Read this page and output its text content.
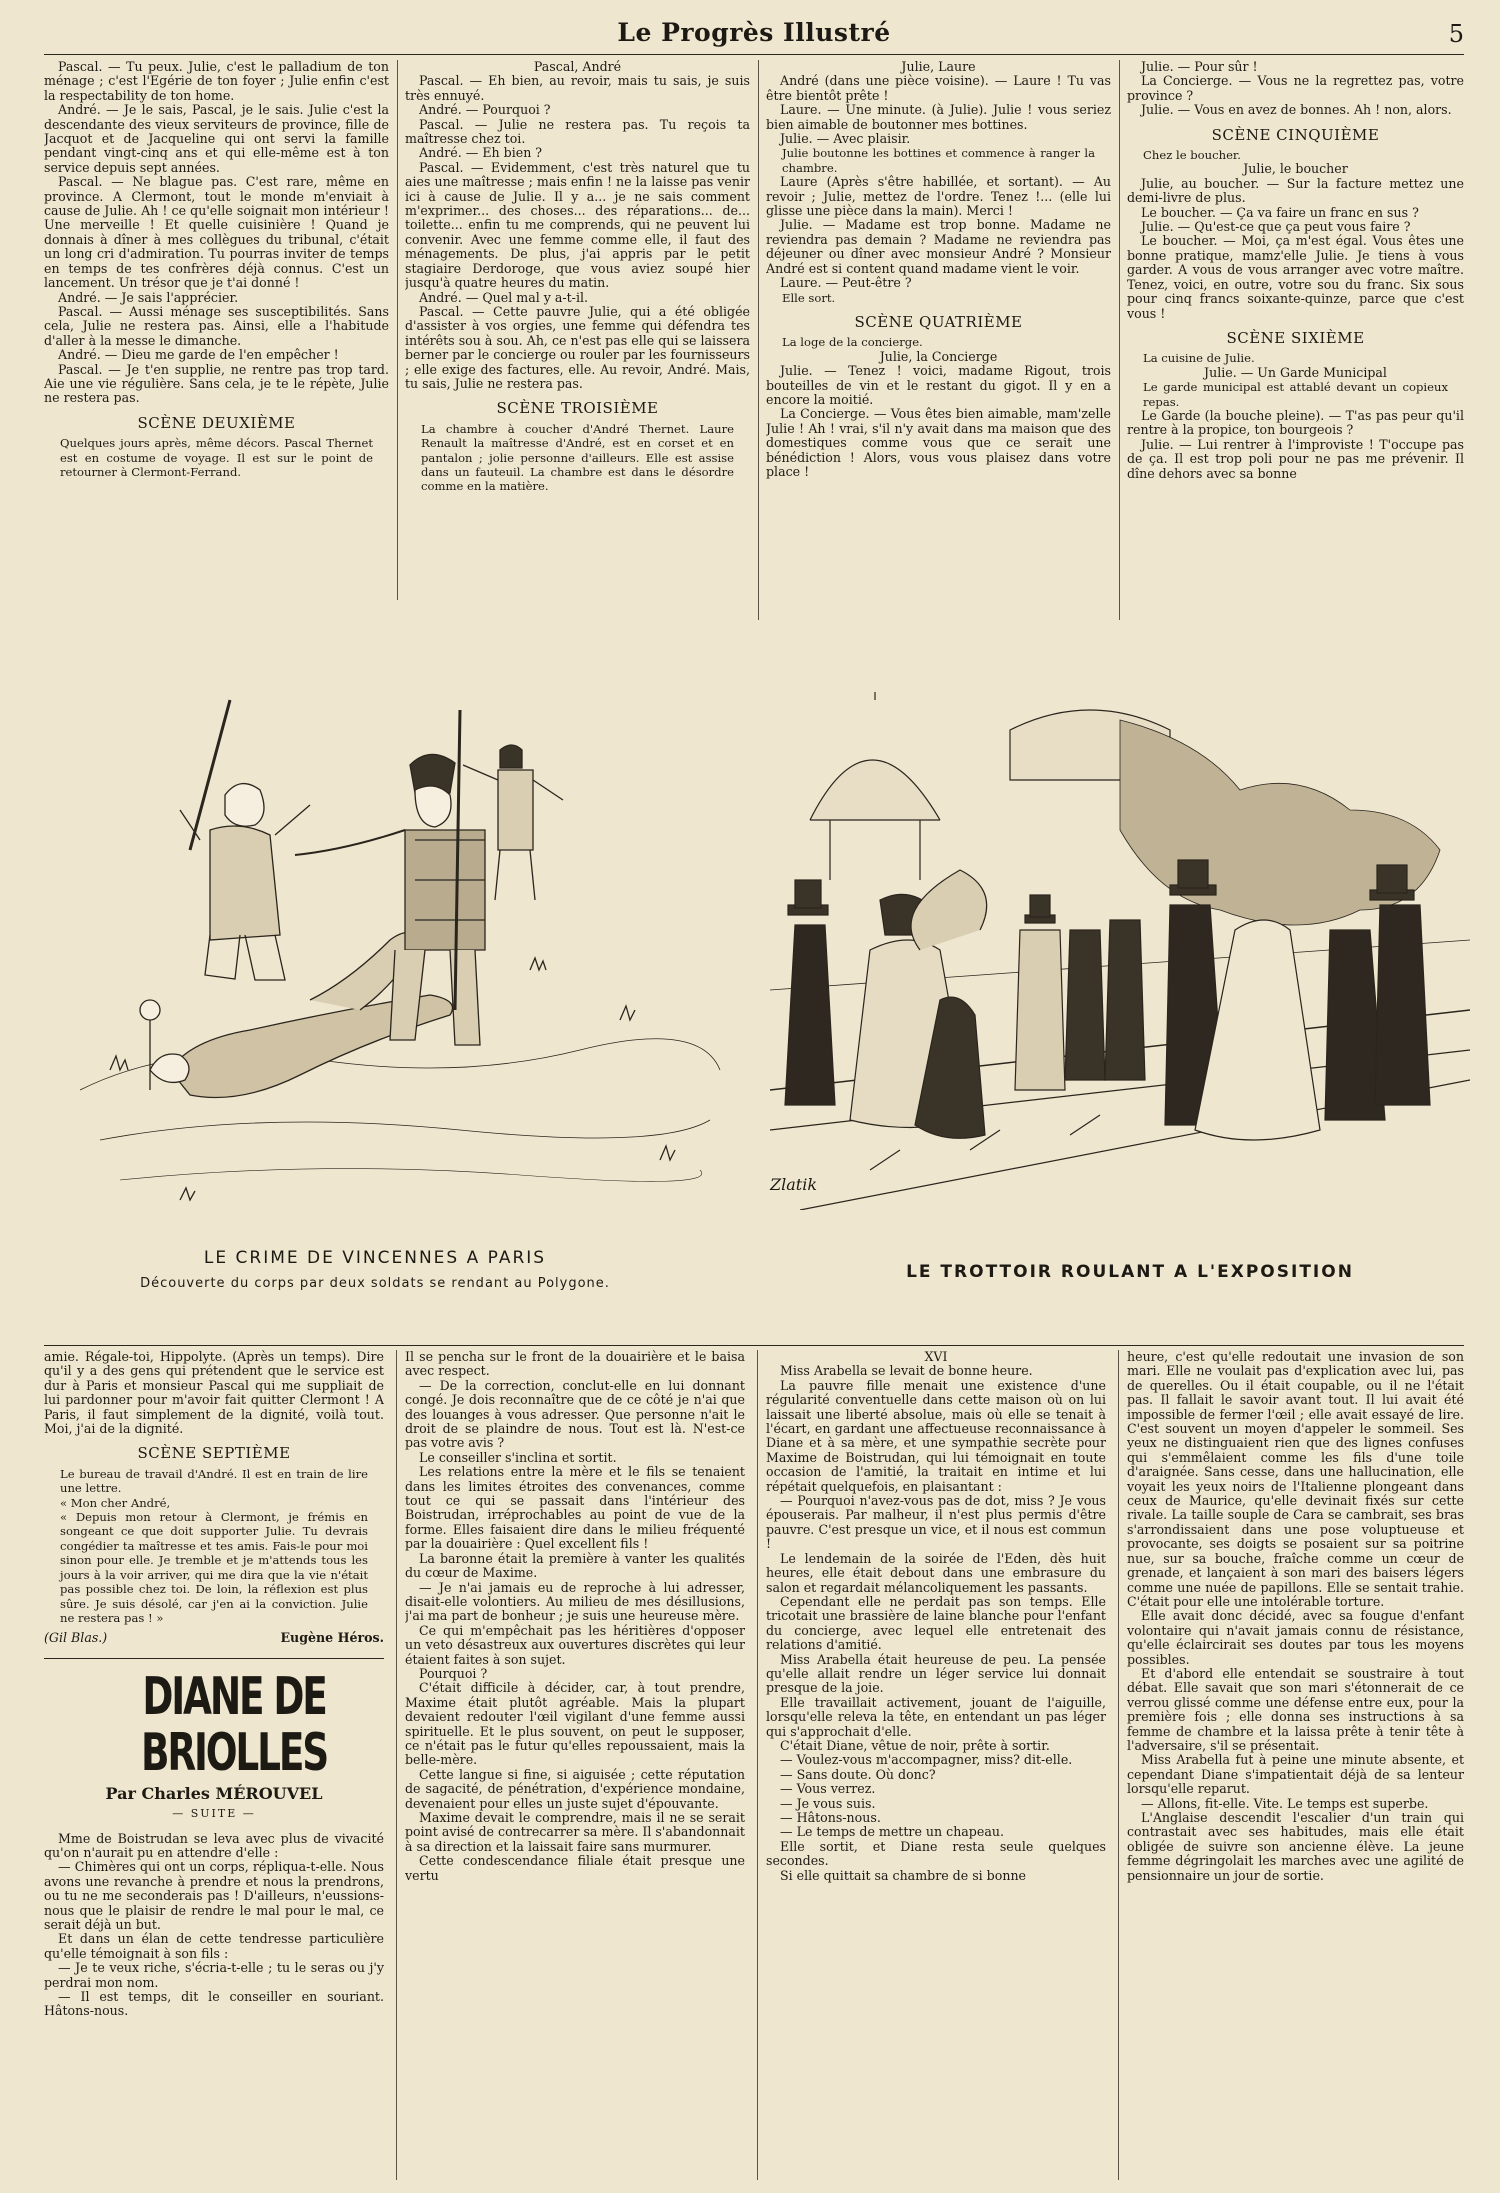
Le Progrès Illustré	5

Pascal. — Tu peux. Julie, c'est le palladium de ton ménage ; c'est l'Egérie de ton foyer ; Julie enfin c'est la respectability de ton home.

André. — Je le sais, Pascal, je le sais. Julie c'est la descendante des vieux serviteurs de province, fille de Jacquot et de Jacqueline qui ont servi la famille pendant vingt-cinq ans et qui elle-même est à ton service depuis sept années.

Pascal. — Ne blague pas. C'est rare, même en province. A Clermont, tout le monde m'enviait à cause de Julie. Ah ! ce qu'elle soignait mon intérieur ! Une merveille ! Et quelle cuisinière ! Quand je donnais à dîner à mes collègues du tribunal, c'était un long cri d'admiration. Tu pourras inviter de temps en temps de tes confrères déjà connus. C'est un lancement. Un trésor que je t'ai donné !

André. — Je sais l'apprécier.

Pascal. — Aussi ménage ses susceptibilités. Sans cela, Julie ne restera pas. Ainsi, elle a l'habitude d'aller à la messe le dimanche.

André. — Dieu me garde de l'en empêcher !

Pascal. — Je t'en supplie, ne rentre pas trop tard. Aie une vie régulière. Sans cela, je te le répète, Julie ne restera pas.

SCÈNE DEUXIÈME

Quelques jours après, même décors. Pascal Thernet est en costume de voyage. Il est sur le point de retourner à Clermont-Ferrand.

Pascal, André

Pascal. — Eh bien, au revoir, mais tu sais, je suis très ennuyé.

André. — Pourquoi ?

Pascal. — Julie ne restera pas. Tu reçois ta maîtresse chez toi.

André. — Eh bien ?

Pascal. — Evidemment, c'est très naturel que tu aies une maîtresse ; mais enfin ! ne la laisse pas venir ici à cause de Julie. Il y a... je ne sais comment m'exprimer... des choses... des réparations... de... toilette... enfin tu me comprends, qui ne peuvent lui convenir. Avec une femme comme elle, il faut des ménagements. De plus, j'ai appris par le petit stagiaire Derdoroge, que vous aviez soupé hier jusqu'à quatre heures du matin.

André. — Quel mal y a-t-il.

Pascal. — Cette pauvre Julie, qui a été obligée d'assister à vos orgies, une femme qui défendra tes intérêts sou à sou. Ah, ce n'est pas elle qui se laissera berner par le concierge ou rouler par les fournisseurs ; elle exige des factures, elle. Au revoir, André. Mais, tu sais, Julie ne restera pas.

SCÈNE TROISIÈME

La chambre à coucher d'André Thernet. Laure Renault la maîtresse d'André, est en corset et en pantalon ; jolie personne d'ailleurs. Elle est assise dans un fauteuil. La chambre est dans le désordre comme en la matière.

Julie, Laure

André (dans une pièce voisine). — Laure ! Tu vas être bientôt prête !

Laure. — Une minute. (à Julie). Julie ! vous seriez bien aimable de boutonner mes bottines.

Julie. — Avec plaisir.

Julie boutonne les bottines et commence à ranger la chambre.

Laure (Après s'être habillée, et sortant). — Au revoir ; Julie, mettez de l'ordre. Tenez !... (elle lui glisse une pièce dans la main). Merci !

Julie. — Madame est trop bonne. Madame ne reviendra pas demain ? Madame ne reviendra pas déjeuner ou dîner avec monsieur André ? Monsieur André est si content quand madame vient le voir.

Laure. — Peut-être ?

Elle sort.

SCÈNE QUATRIÈME

La loge de la concierge.

Julie, la Concierge

Julie. — Tenez ! voici, madame Rigout, trois bouteilles de vin et le restant du gigot. Il y en a encore la moitié.

La Concierge. — Vous êtes bien aimable, mam'zelle Julie ! Ah ! vrai, s'il n'y avait dans ma maison que des domestiques comme vous que ce serait une bénédiction ! Alors, vous vous plaisez dans votre place !

Julie. — Pour sûr !

La Concierge. — Vous ne la regrettez pas, votre province ?

Julie. — Vous en avez de bonnes. Ah ! non, alors.

SCÈNE CINQUIÈME

Chez le boucher.

Julie, le boucher

Julie, au boucher. — Sur la facture mettez une demi-livre de plus.

Le boucher. — Ça va faire un franc en sus ?

Julie. — Qu'est-ce que ça peut vous faire ?

Le boucher. — Moi, ça m'est égal. Vous êtes une bonne pratique, mamz'elle Julie. Je tiens à vous garder. A vous de vous arranger avec votre maître. Tenez, voici, en outre, votre sou du franc. Six sous pour cinq francs soixante-quinze, parce que c'est vous !

SCÈNE SIXIÈME

La cuisine de Julie.

Julie. — Un Garde Municipal

Le garde municipal est attablé devant un copieux repas.

Le Garde (la bouche pleine). — T'as pas peur qu'il rentre à la propice, ton bourgeois ?

Julie. — Lui rentrer à l'improviste ! T'occupe pas de ça. Il est trop poli pour ne pas me prévenir. Il dîne dehors avec sa bonne

Zlatik
LE CRIME DE VINCENNES A PARIS
Découverte du corps par deux soldats se rendant au Polygone.
LE TROTTOIR ROULANT A L'EXPOSITION

amie. Régale-toi, Hippolyte. (Après un temps). Dire qu'il y a des gens qui prétendent que le service est dur à Paris et monsieur Pascal qui me suppliait de lui pardonner pour m'avoir fait quitter Clermont ! A Paris, il faut simplement de la dignité, voilà tout. Moi, j'ai de la dignité.

SCÈNE SEPTIÈME

Le bureau de travail d'André. Il est en train de lire une lettre.

« Mon cher André,

« Depuis mon retour à Clermont, je frémis en songeant ce que doit supporter Julie. Tu devrais congédier ta maîtresse et tes amis. Fais-le pour moi sinon pour elle. Je tremble et je m'attends tous les jours à la voir arriver, qui me dira que la vie n'était pas possible chez toi. De loin, la réflexion est plus sûre. Je suis désolé, car j'en ai la conviction. Julie ne restera pas ! »

(Gil Blas.)	Eugène Héros.

DIANE DE BRIOLLES
Par Charles MÉROUVEL
— SUITE —

Mme de Boistrudan se leva avec plus de vivacité qu'on n'aurait pu en attendre d'elle :

— Chimères qui ont un corps, répliqua-t-elle. Nous avons une revanche à prendre et nous la prendrons, ou tu ne me seconderais pas ! D'ailleurs, n'eussions-nous que le plaisir de rendre le mal pour le mal, ce serait déjà un but.

Et dans un élan de cette tendresse particulière qu'elle témoignait à son fils :

— Je te veux riche, s'écria-t-elle ; tu le seras ou j'y perdrai mon nom.

— Il est temps, dit le conseiller en souriant. Hâtons-nous.

Il se pencha sur le front de la douairière et le baisa avec respect.

— De la correction, conclut-elle en lui donnant congé. Je dois reconnaître que de ce côté je n'ai que des louanges à vous adresser. Que personne n'ait le droit de se plaindre de nous. Tout est là. N'est-ce pas votre avis ?

Le conseiller s'inclina et sortit.

Les relations entre la mère et le fils se tenaient dans les limites étroites des convenances, comme tout ce qui se passait dans l'intérieur des Boistrudan, irréprochables au point de vue de la forme. Elles faisaient dire dans le milieu fréquenté par la douairière : Quel excellent fils !

La baronne était la première à vanter les qualités du cœur de Maxime.

— Je n'ai jamais eu de reproche à lui adresser, disait-elle volontiers. Au milieu de mes désillusions, j'ai ma part de bonheur ; je suis une heureuse mère.

Ce qui m'empêchait pas les héritières d'opposer un veto désastreux aux ouvertures discrètes qui leur étaient faites à son sujet.

Pourquoi ?

C'était difficile à décider, car, à tout prendre, Maxime était plutôt agréable. Mais la plupart devaient redouter l'œil vigilant d'une femme aussi spirituelle. Et le plus souvent, on peut le supposer, ce n'était pas le futur qu'elles repoussaient, mais la belle-mère.

Cette langue si fine, si aiguisée ; cette réputation de sagacité, de pénétration, d'expérience mondaine, devenaient pour elles un juste sujet d'épouvante.

Maxime devait le comprendre, mais il ne se serait point avisé de contrecarrer sa mère. Il s'abandonnait à sa direction et la laissait faire sans murmurer.

Cette condescendance filiale était presque une vertu

XVI

Miss Arabella se levait de bonne heure.

La pauvre fille menait une existence d'une régularité conventuelle dans cette maison où on lui laissait une liberté absolue, mais où elle se tenait à l'écart, en gardant une affectueuse reconnaissance à Diane et à sa mère, et une sympathie secrète pour Maxime de Boistrudan, qui lui témoignait en toute occasion de l'amitié, la traitait en intime et lui répétait quelquefois, en plaisantant :

— Pourquoi n'avez-vous pas de dot, miss ? Je vous épouserais. Par malheur, il n'est plus permis d'être pauvre. C'est presque un vice, et il nous est commun !

Le lendemain de la soirée de l'Eden, dès huit heures, elle était debout dans une embrasure du salon et regardait mélancoliquement les passants.

Cependant elle ne perdait pas son temps. Elle tricotait une brassière de laine blanche pour l'enfant du concierge, avec lequel elle entretenait des relations d'amitié.

Miss Arabella était heureuse de peu. La pensée qu'elle allait rendre un léger service lui donnait presque de la joie.

Elle travaillait activement, jouant de l'aiguille, lorsqu'elle releva la tête, en entendant un pas léger qui s'approchait d'elle.

C'était Diane, vêtue de noir, prête à sortir.

— Voulez-vous m'accompagner, miss? dit-elle.

— Sans doute. Où donc?

— Vous verrez.

— Je vous suis.

— Hâtons-nous.

— Le temps de mettre un chapeau.

Elle sortit, et Diane resta seule quelques secondes.

Si elle quittait sa chambre de si bonne

heure, c'est qu'elle redoutait une invasion de son mari. Elle ne voulait pas d'explication avec lui, pas de querelles. Ou il était coupable, ou il ne l'était pas. Il fallait le savoir avant tout. Il lui avait été impossible de fermer l'œil ; elle avait essayé de lire. C'est souvent un moyen d'appeler le sommeil. Ses yeux ne distinguaient rien que des lignes confuses qui s'emmêlaient comme les fils d'une toile d'araignée. Sans cesse, dans une hallucination, elle voyait les yeux noirs de l'Italienne plongeant dans ceux de Maurice, qu'elle devinait fixés sur cette rivale. La taille souple de Cara se cambrait, ses bras s'arrondissaient dans une pose voluptueuse et provocante, ses doigts se posaient sur sa poitrine nue, sur sa bouche, fraîche comme un cœur de grenade, et lançaient à son mari des baisers légers comme une nuée de papillons. Elle se sentait trahie. C'était pour elle une intolérable torture.

Elle avait donc décidé, avec sa fougue d'enfant volontaire qui n'avait jamais connu de résistance, qu'elle éclaircirait ses doutes par tous les moyens possibles.

Et d'abord elle entendait se soustraire à tout débat. Elle savait que son mari s'étonnerait de ce verrou glissé comme une défense entre eux, pour la première fois ; elle donna ses instructions à sa femme de chambre et la laissa prête à tenir tête à l'adversaire, s'il se présentait.

Miss Arabella fut à peine une minute absente, et cependant Diane s'impatientait déjà de sa lenteur lorsqu'elle reparut.

— Allons, fit-elle. Vite. Le temps est superbe.

L'Anglaise descendit l'escalier d'un train qui contrastait avec ses habitudes, mais elle était obligée de suivre son ancienne élève. La jeune femme dégringolait les marches avec une agilité de pensionnaire un jour de sortie.
